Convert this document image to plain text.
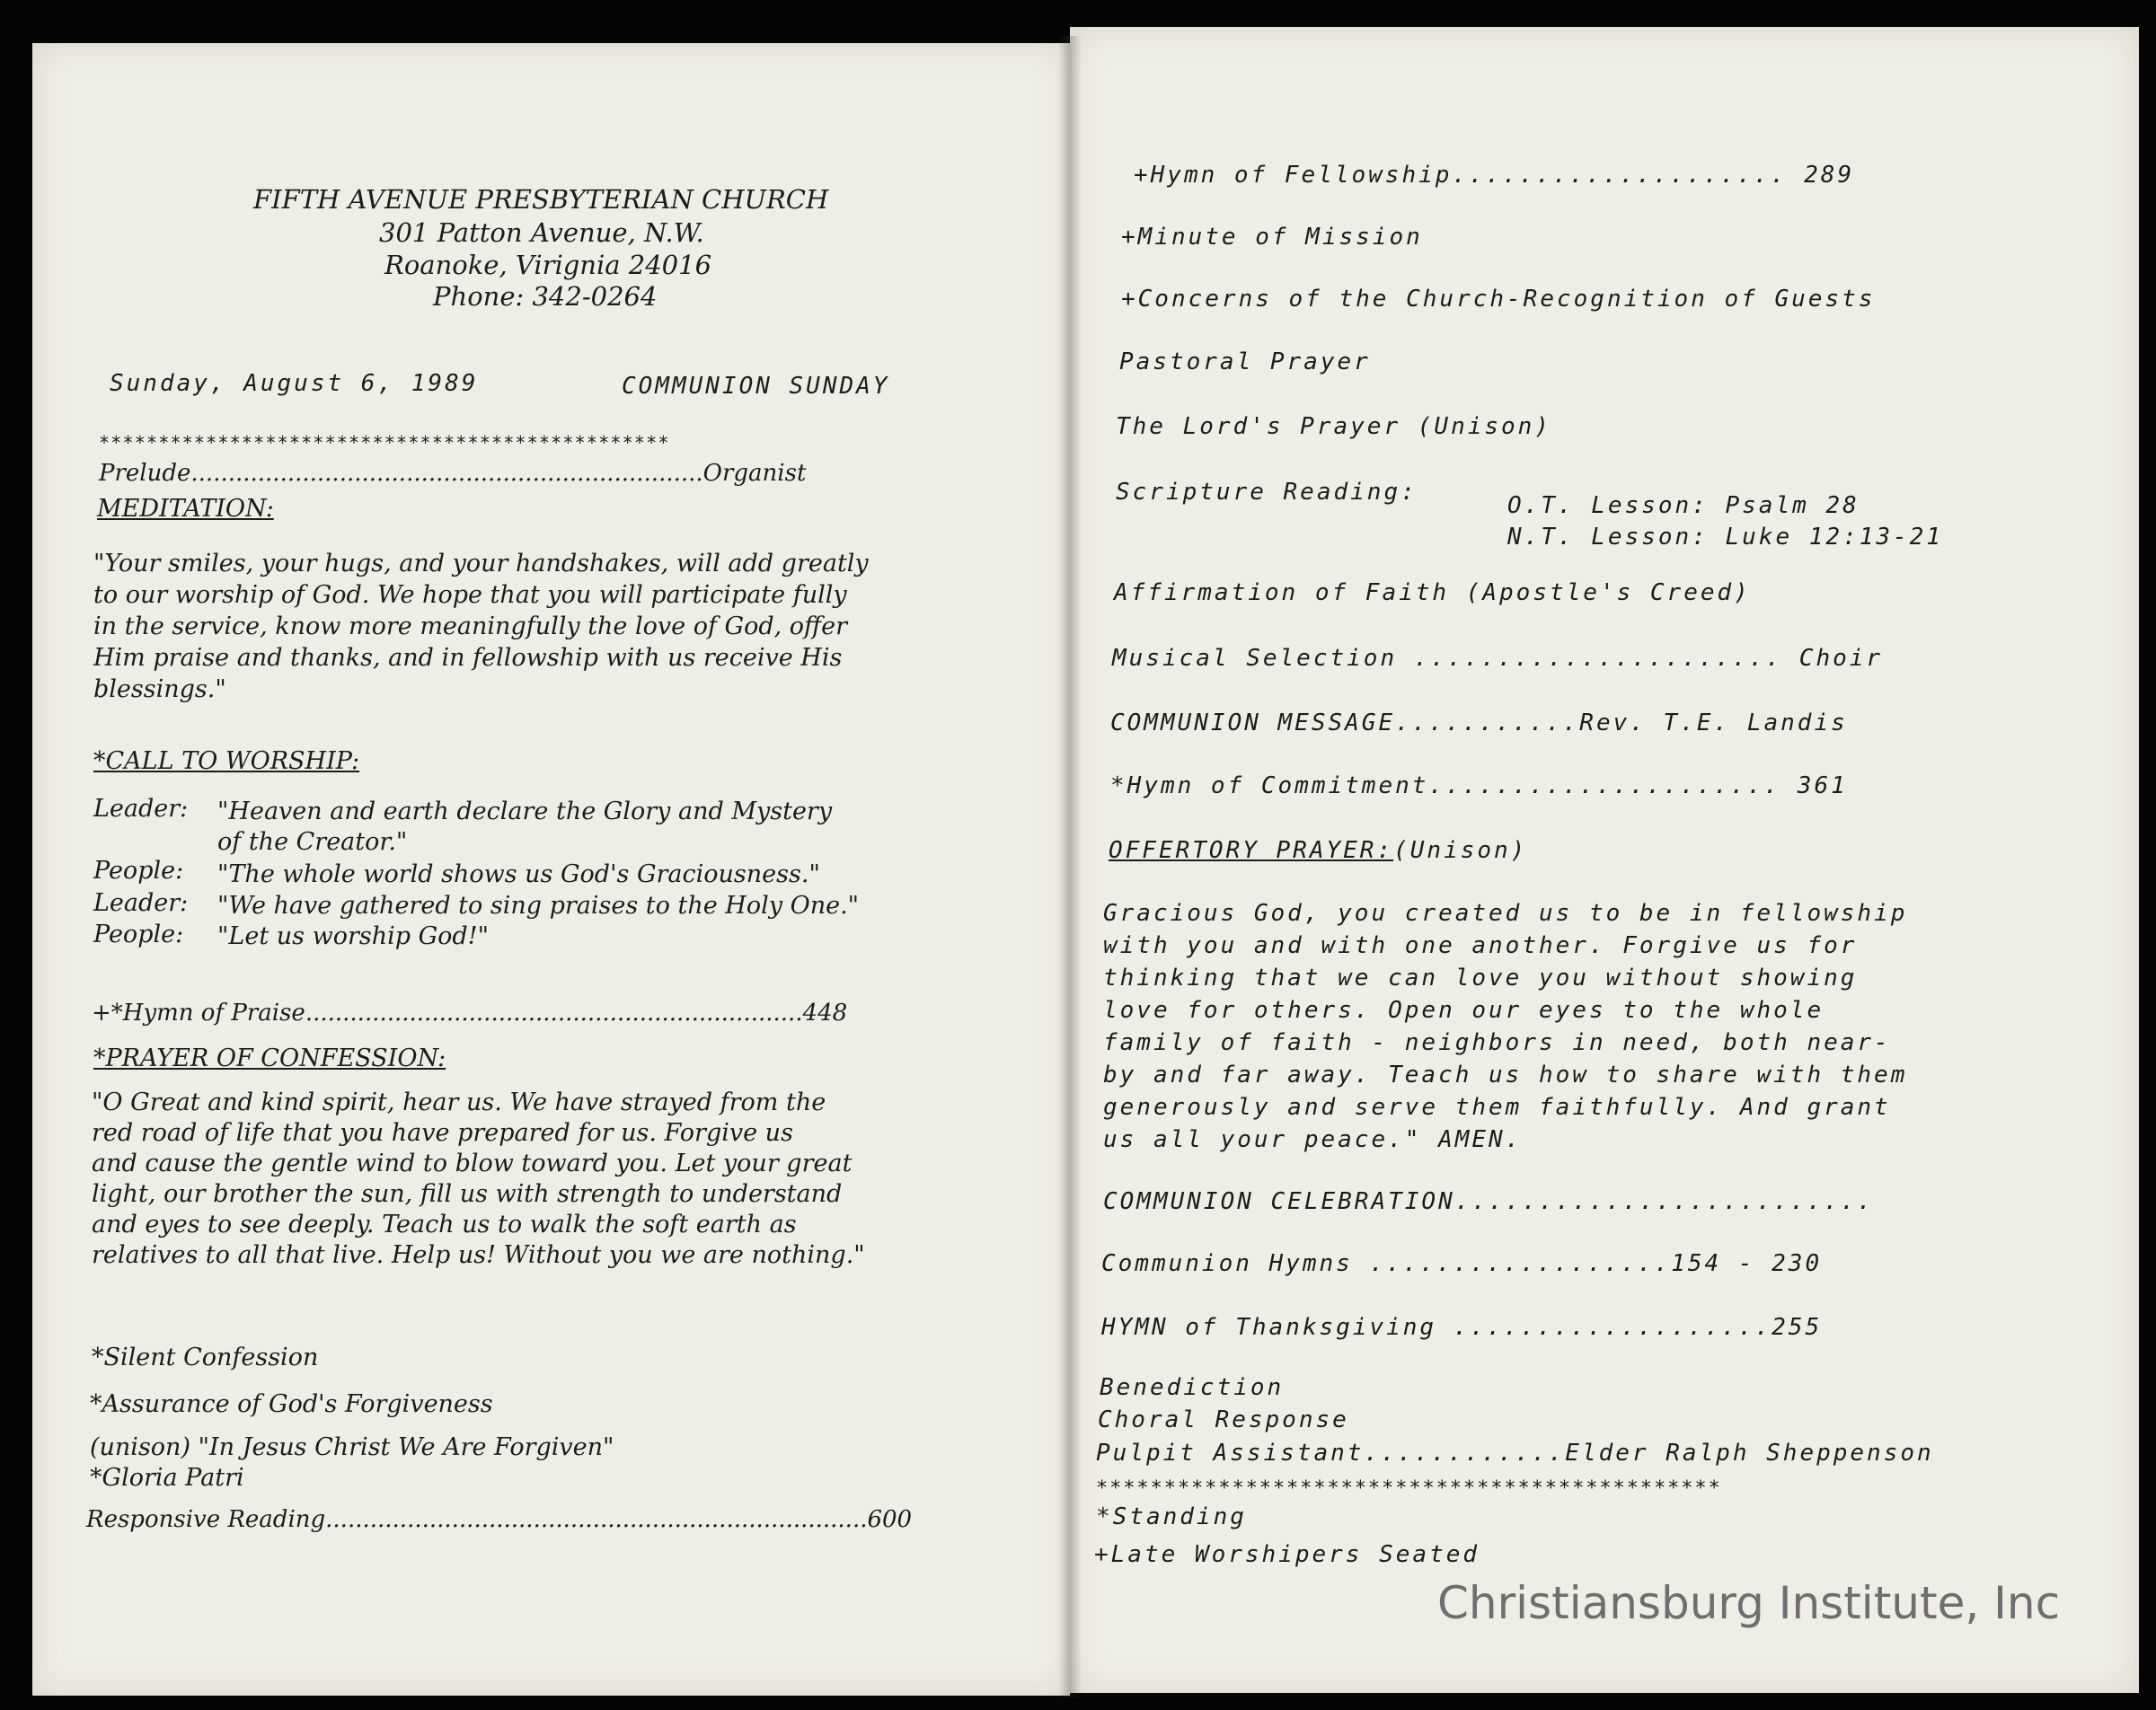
FIFTH AVENUE PRESBYTERIAN CHURCH
301 Patton Avenue, N.W.
Roanoke, Virignia 24016
Phone: 342-0264
Sunday, August 6, 1989	COMMUNION SUNDAY
************************************************
Prelude.....................................................................Organist
MEDITATION:
"Your smiles, your hugs, and your handshakes, will add greatly
to our worship of God. We hope that you will participate fully
in the service, know more meaningfully the love of God, offer
Him praise and thanks, and in fellowship with us receive His
blessings."
*CALL TO WORSHIP:
Leader: "Heaven and earth declare the Glory and Mystery
of the Creator."
People: "The whole world shows us God's Graciousness."
Leader: "We have gathered to sing praises to the Holy One."
People: "Let us worship God!"
+*Hymn of Praise...................................................................448
*PRAYER OF CONFESSION:
"O Great and kind spirit, hear us. We have strayed from the
red road of life that you have prepared for us. Forgive us
and cause the gentle wind to blow toward you. Let your great
light, our brother the sun, fill us with strength to understand
and eyes to see deeply. Teach us to walk the soft earth as
relatives to all that live. Help us! Without you we are nothing."
*Silent Confession
*Assurance of God's Forgiveness
(unison) "In Jesus Christ We Are Forgiven"
*Gloria Patri
Responsive Reading.........................................................................600
+Hymn of Fellowship.................... 289
+Minute of Mission
+Concerns of the Church-Recognition of Guests
Pastoral Prayer
The Lord's Prayer (Unison)
Scripture Reading:	O.T. Lesson: Psalm 28
N.T. Lesson: Luke 12:13-21
Affirmation of Faith (Apostle's Creed)
Musical Selection ...................... Choir
COMMUNION MESSAGE...........Rev. T.E. Landis
*Hymn of Commitment..................... 361
OFFERTORY PRAYER:(Unison)
Gracious God, you created us to be in fellowship
with you and with one another. Forgive us for
thinking that we can love you without showing
love for others. Open our eyes to the whole
family of faith - neighbors in need, both near-
by and far away. Teach us how to share with them
generously and serve them faithfully. And grant
us all your peace." AMEN.
COMMUNION CELEBRATION.........................
Communion Hymns ..................154 - 230
HYMN of Thanksgiving ...................255
Benediction
Choral Response
Pulpit Assistant............Elder Ralph Sheppenson
**********************************************
*Standing
+Late Worshipers Seated
Christiansburg Institute, Inc
